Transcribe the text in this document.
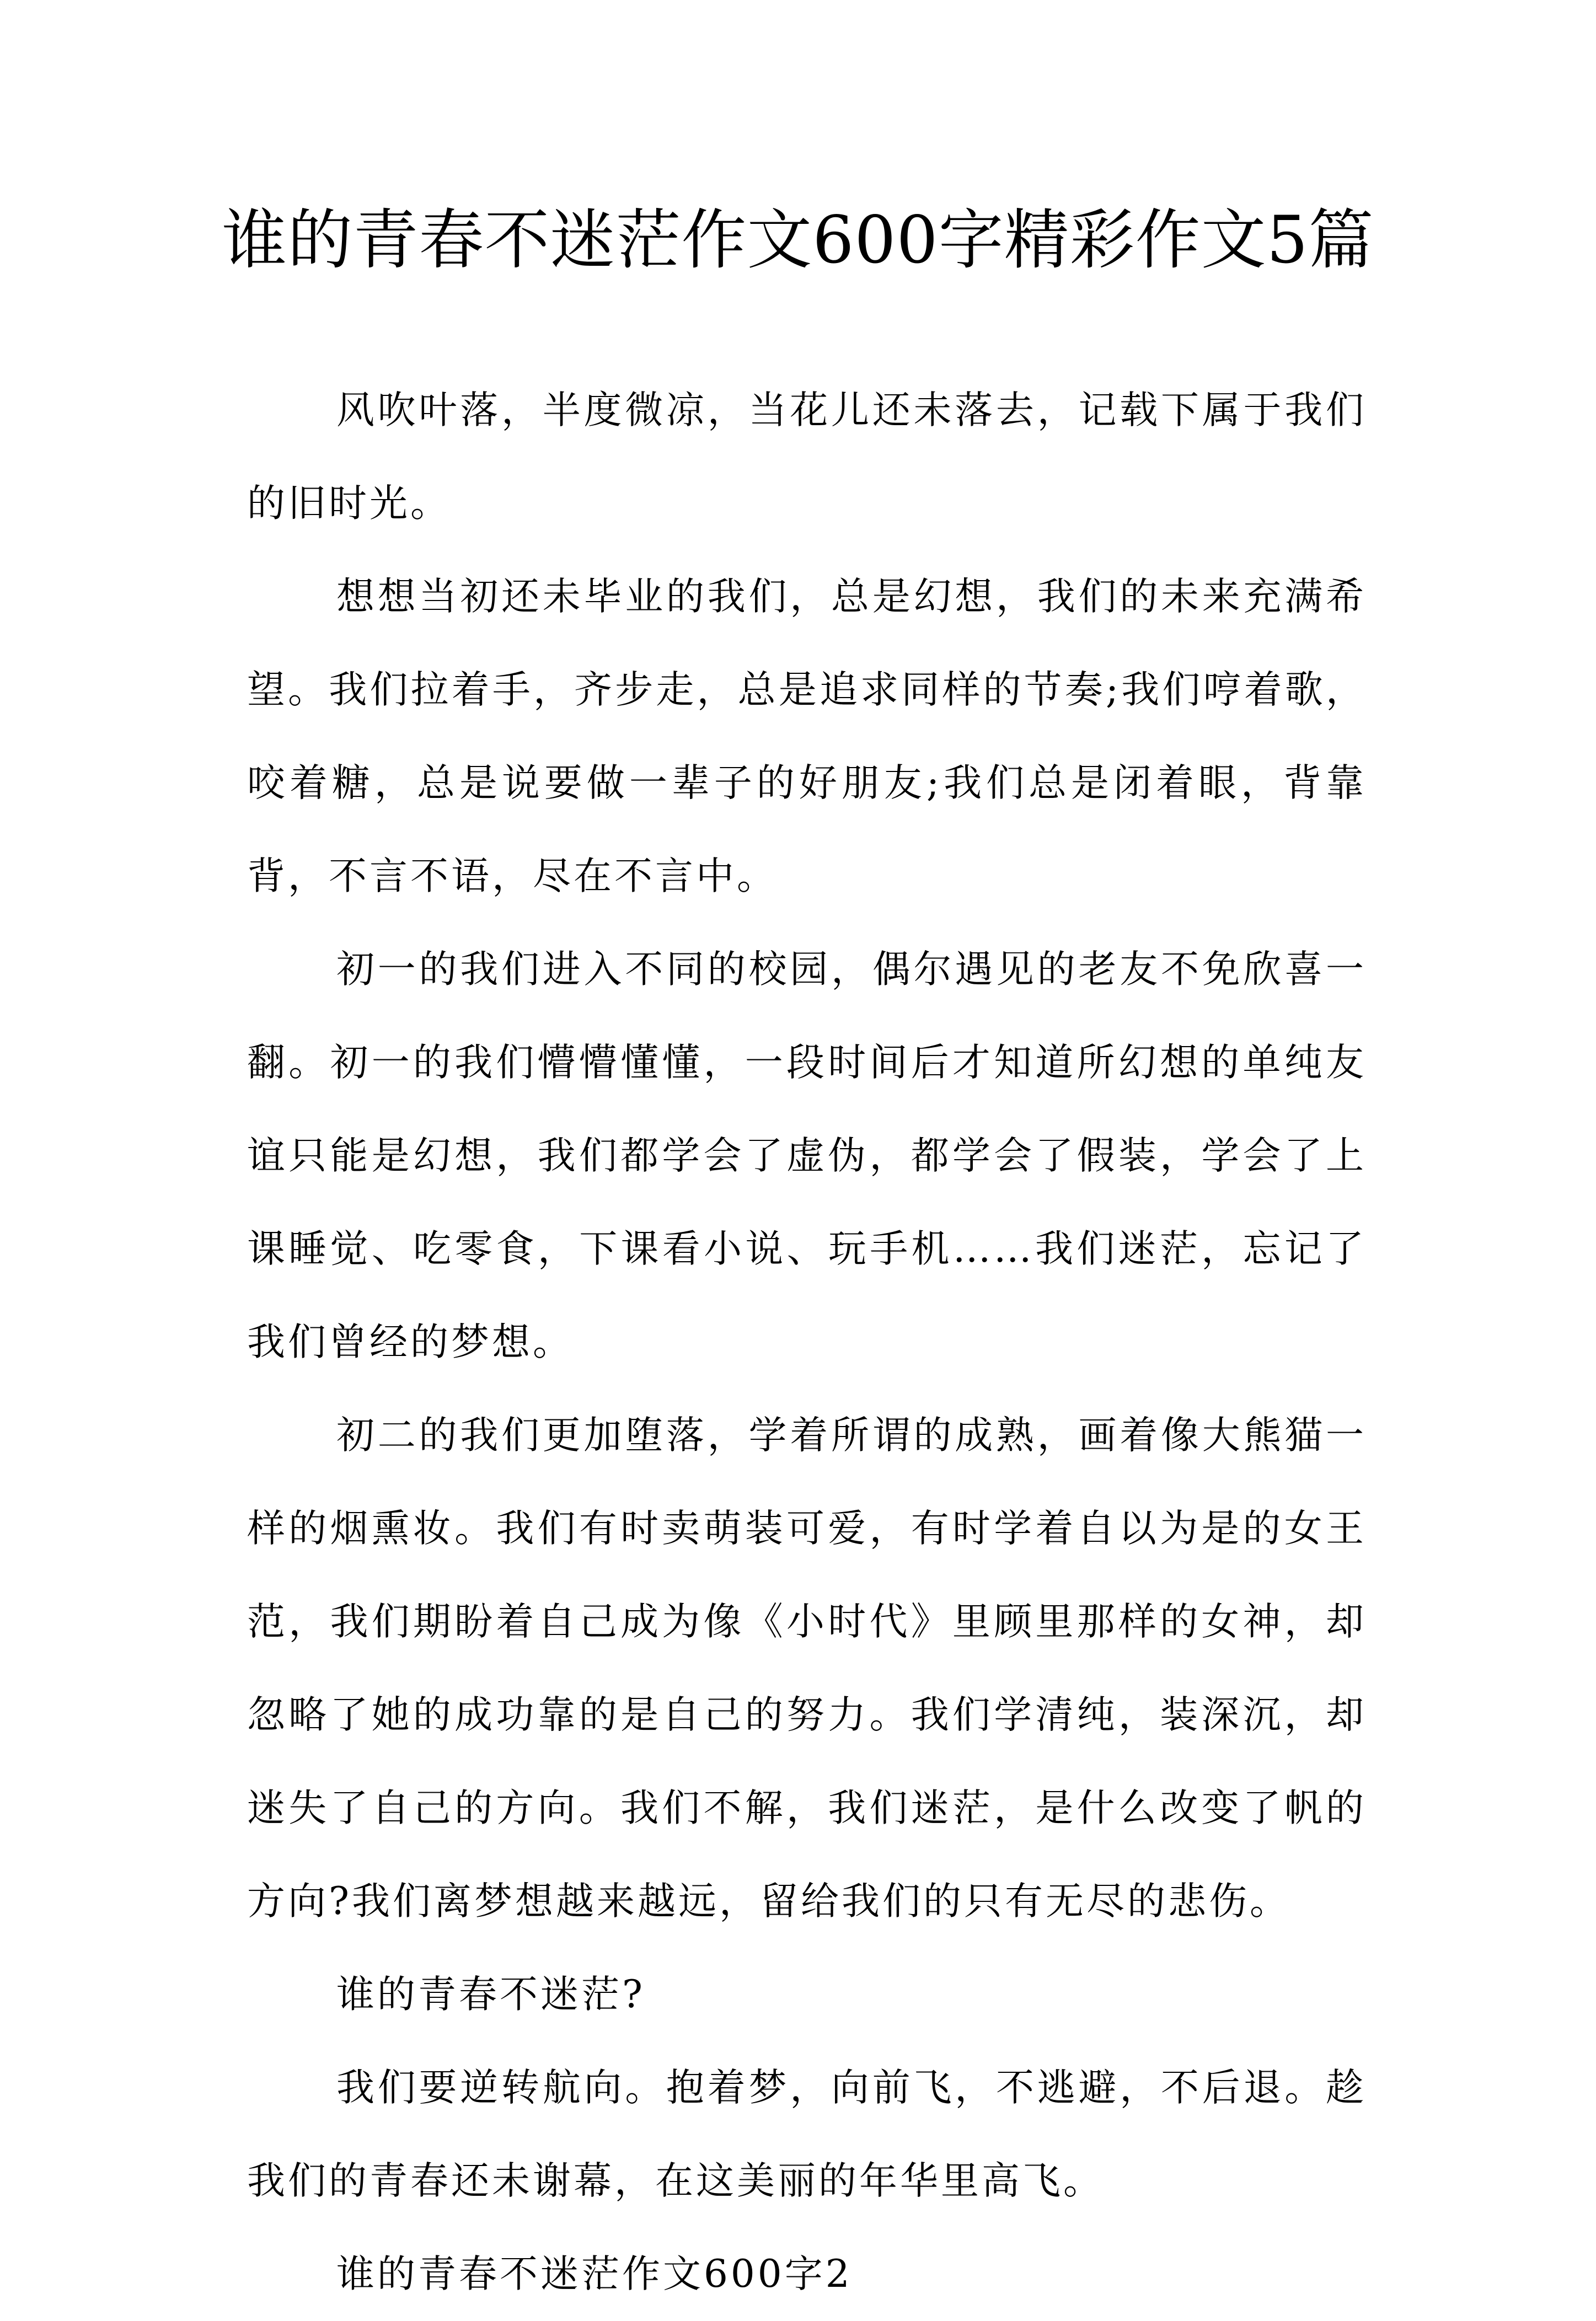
谁的青春不迷茫作文600字精彩作文5篇

风吹叶落，半度微凉，当花儿还未落去，记载下属于我们的旧时光。

想想当初还未毕业的我们，总是幻想，我们的未来充满希望。我们拉着手，齐步走，总是追求同样的节奏;我们哼着歌，咬着糖，总是说要做一辈子的好朋友;我们总是闭着眼，背靠背，不言不语，尽在不言中。

初一的我们进入不同的校园，偶尔遇见的老友不免欣喜一翻。初一的我们懵懵懂懂，一段时间后才知道所幻想的单纯友谊只能是幻想，我们都学会了虚伪，都学会了假装，学会了上课睡觉、吃零食，下课看小说、玩手机……我们迷茫，忘记了我们曾经的梦想。

初二的我们更加堕落，学着所谓的成熟，画着像大熊猫一样的烟熏妆。我们有时卖萌装可爱，有时学着自以为是的女王范，我们期盼着自己成为像《小时代》里顾里那样的女神，却忽略了她的成功靠的是自己的努力。我们学清纯，装深沉，却迷失了自己的方向。我们不解，我们迷茫，是什么改变了帆的方向?我们离梦想越来越远，留给我们的只有无尽的悲伤。

谁的青春不迷茫?

我们要逆转航向。抱着梦，向前飞，不逃避，不后退。趁我们的青春还未谢幕，在这美丽的年华里高飞。

谁的青春不迷茫作文600字2
